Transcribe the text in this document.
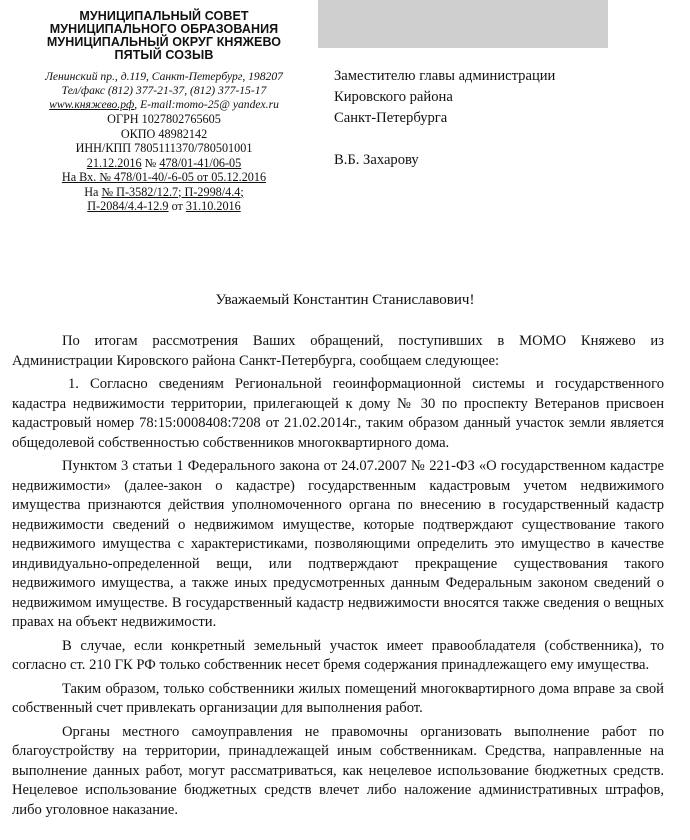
МУНИЦИПАЛЬНЫЙ СОВЕТ
МУНИЦИПАЛЬНОГО ОБРАЗОВАНИЯ
МУНИЦИПАЛЬНЫЙ ОКРУГ КНЯЖЕВО
ПЯТЫЙ СОЗЫВ
Ленинский пр., д.119, Санкт-Петербург, 198207
Тел/факс (812) 377-21-37, (812) 377-15-17
www.княжево.рф, E-mail:momo-25@ yandex.ru
ОГРН 1027802765605
ОКПО 48982142
ИНН/КПП 7805111370/780501001
21.12.2016 № 478/01-41/06-05
На Вх. № 478/01-40/-6-05 от 05.12.2016
На № П-3582/12.7; П-2998/4.4;
П-2084/4.4-12.9 от 31.10.2016
Заместителю главы администрации
Кировского района
Санкт-Петербурга
В.Б. Захарову
Уважаемый Константин Станиславович!

По итогам рассмотрения Ваших обращений, поступивших в МОМО Княжево из Администрации Кировского района Санкт-Петербурга, сообщаем следующее:

1. Согласно сведениям Региональной геоинформационной системы и государственного кадастра недвижимости территории, прилегающей к дому № 30 по проспекту Ветеранов присвоен кадастровый номер 78:15:0008408:7208 от 21.02.2014г., таким образом данный участок земли является общедолевой собственностью собственников многоквартирного дома.

Пунктом 3 статьи 1 Федерального закона от 24.07.2007 № 221-ФЗ «О государственном кадастре недвижимости» (далее-закон о кадастре) государственным кадастровым учетом недвижимого имущества признаются действия уполномоченного органа по внесению в государственный кадастр недвижимости сведений о недвижимом имуществе, которые подтверждают существование такого недвижимого имущества с характеристиками, позволяющими определить это имущество в качестве индивидуально-определенной вещи, или подтверждают прекращение существования такого недвижимого имущества, а также иных предусмотренных данным Федеральным законом сведений о недвижимом имуществе. В государственный кадастр недвижимости вносятся также сведения о вещных правах на объект недвижимости.

В случае, если конкретный земельный участок имеет правообладателя (собственника), то согласно ст. 210 ГК РФ только собственник несет бремя содержания принадлежащего ему имущества.

Таким образом, только собственники жилых помещений многоквартирного дома вправе за свой собственный счет привлекать организации для выполнения работ.

Органы местного самоуправления не правомочны организовать выполнение работ по благоустройству на территории, принадлежащей иным собственникам. Средства, направленные на выполнение данных работ, могут рассматриваться, как нецелевое использование бюджетных средств. Нецелевое использование бюджетных средств влечет либо наложение административных штрафов, либо уголовное наказание.
